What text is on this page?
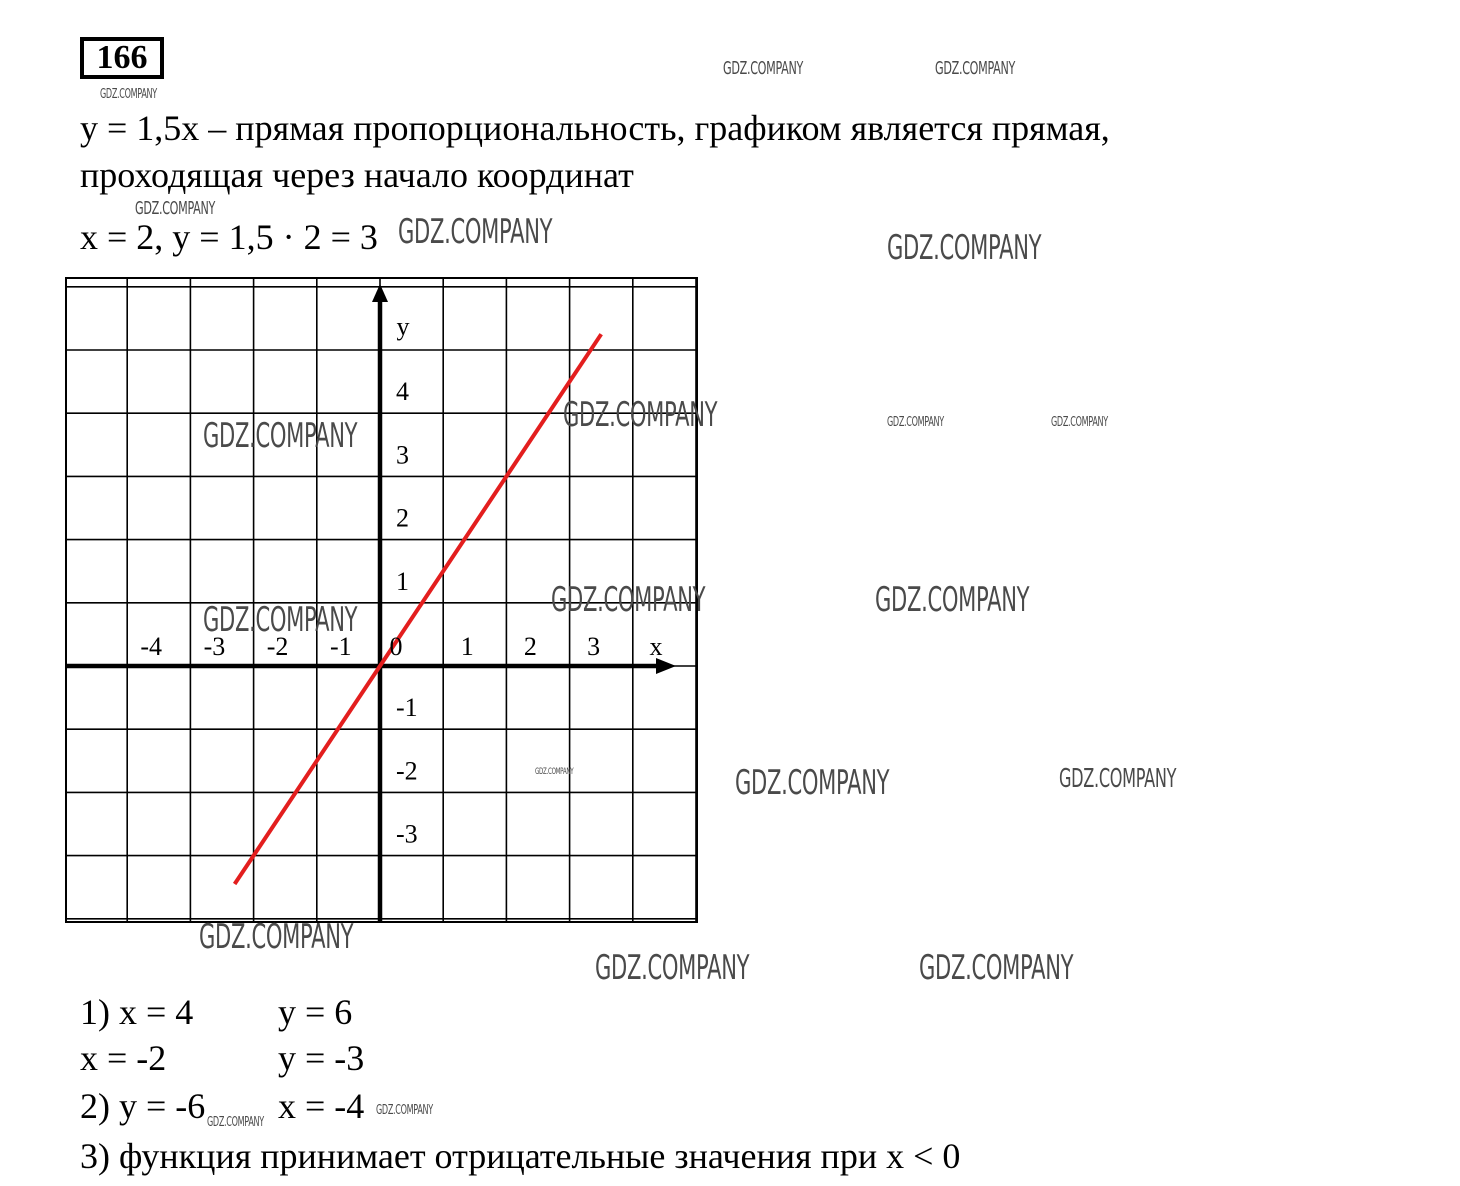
166
y = 1,5x – прямая пропорциональность, графиком является прямая,
проходящая через начало координат
x = 2, y = 1,5 · 2 = 3
-4 -3 -2 -1 0 1 2 3
4
3
2
1
-1
-2
-3
x
y
1) x = 4 y = 6
x = -2	y = -3
2) y = -6 x = -4
3) функция принимает отрицательные значения при x < 0
GDZ.COMPANY
GDZ.COMPANY	GDZ.COMPANY
GDZ.COMPANY
GDZ.COMPANY	GDZ.COMPANY
GDZ.COMPANY
GDZ.COMPANY	GDZ.COMPANY	GDZ.COMPANY
GDZ.COMPANY	GDZ.COMPANY
GDZ.COMPANY
GDZ.COMPANY	GDZ.COMPANY	GDZ.COMPANY
GDZ.COMPANY
GDZ.COMPANY	GDZ.COMPANY
GDZ.COMPANY
GDZ.COMPANY
